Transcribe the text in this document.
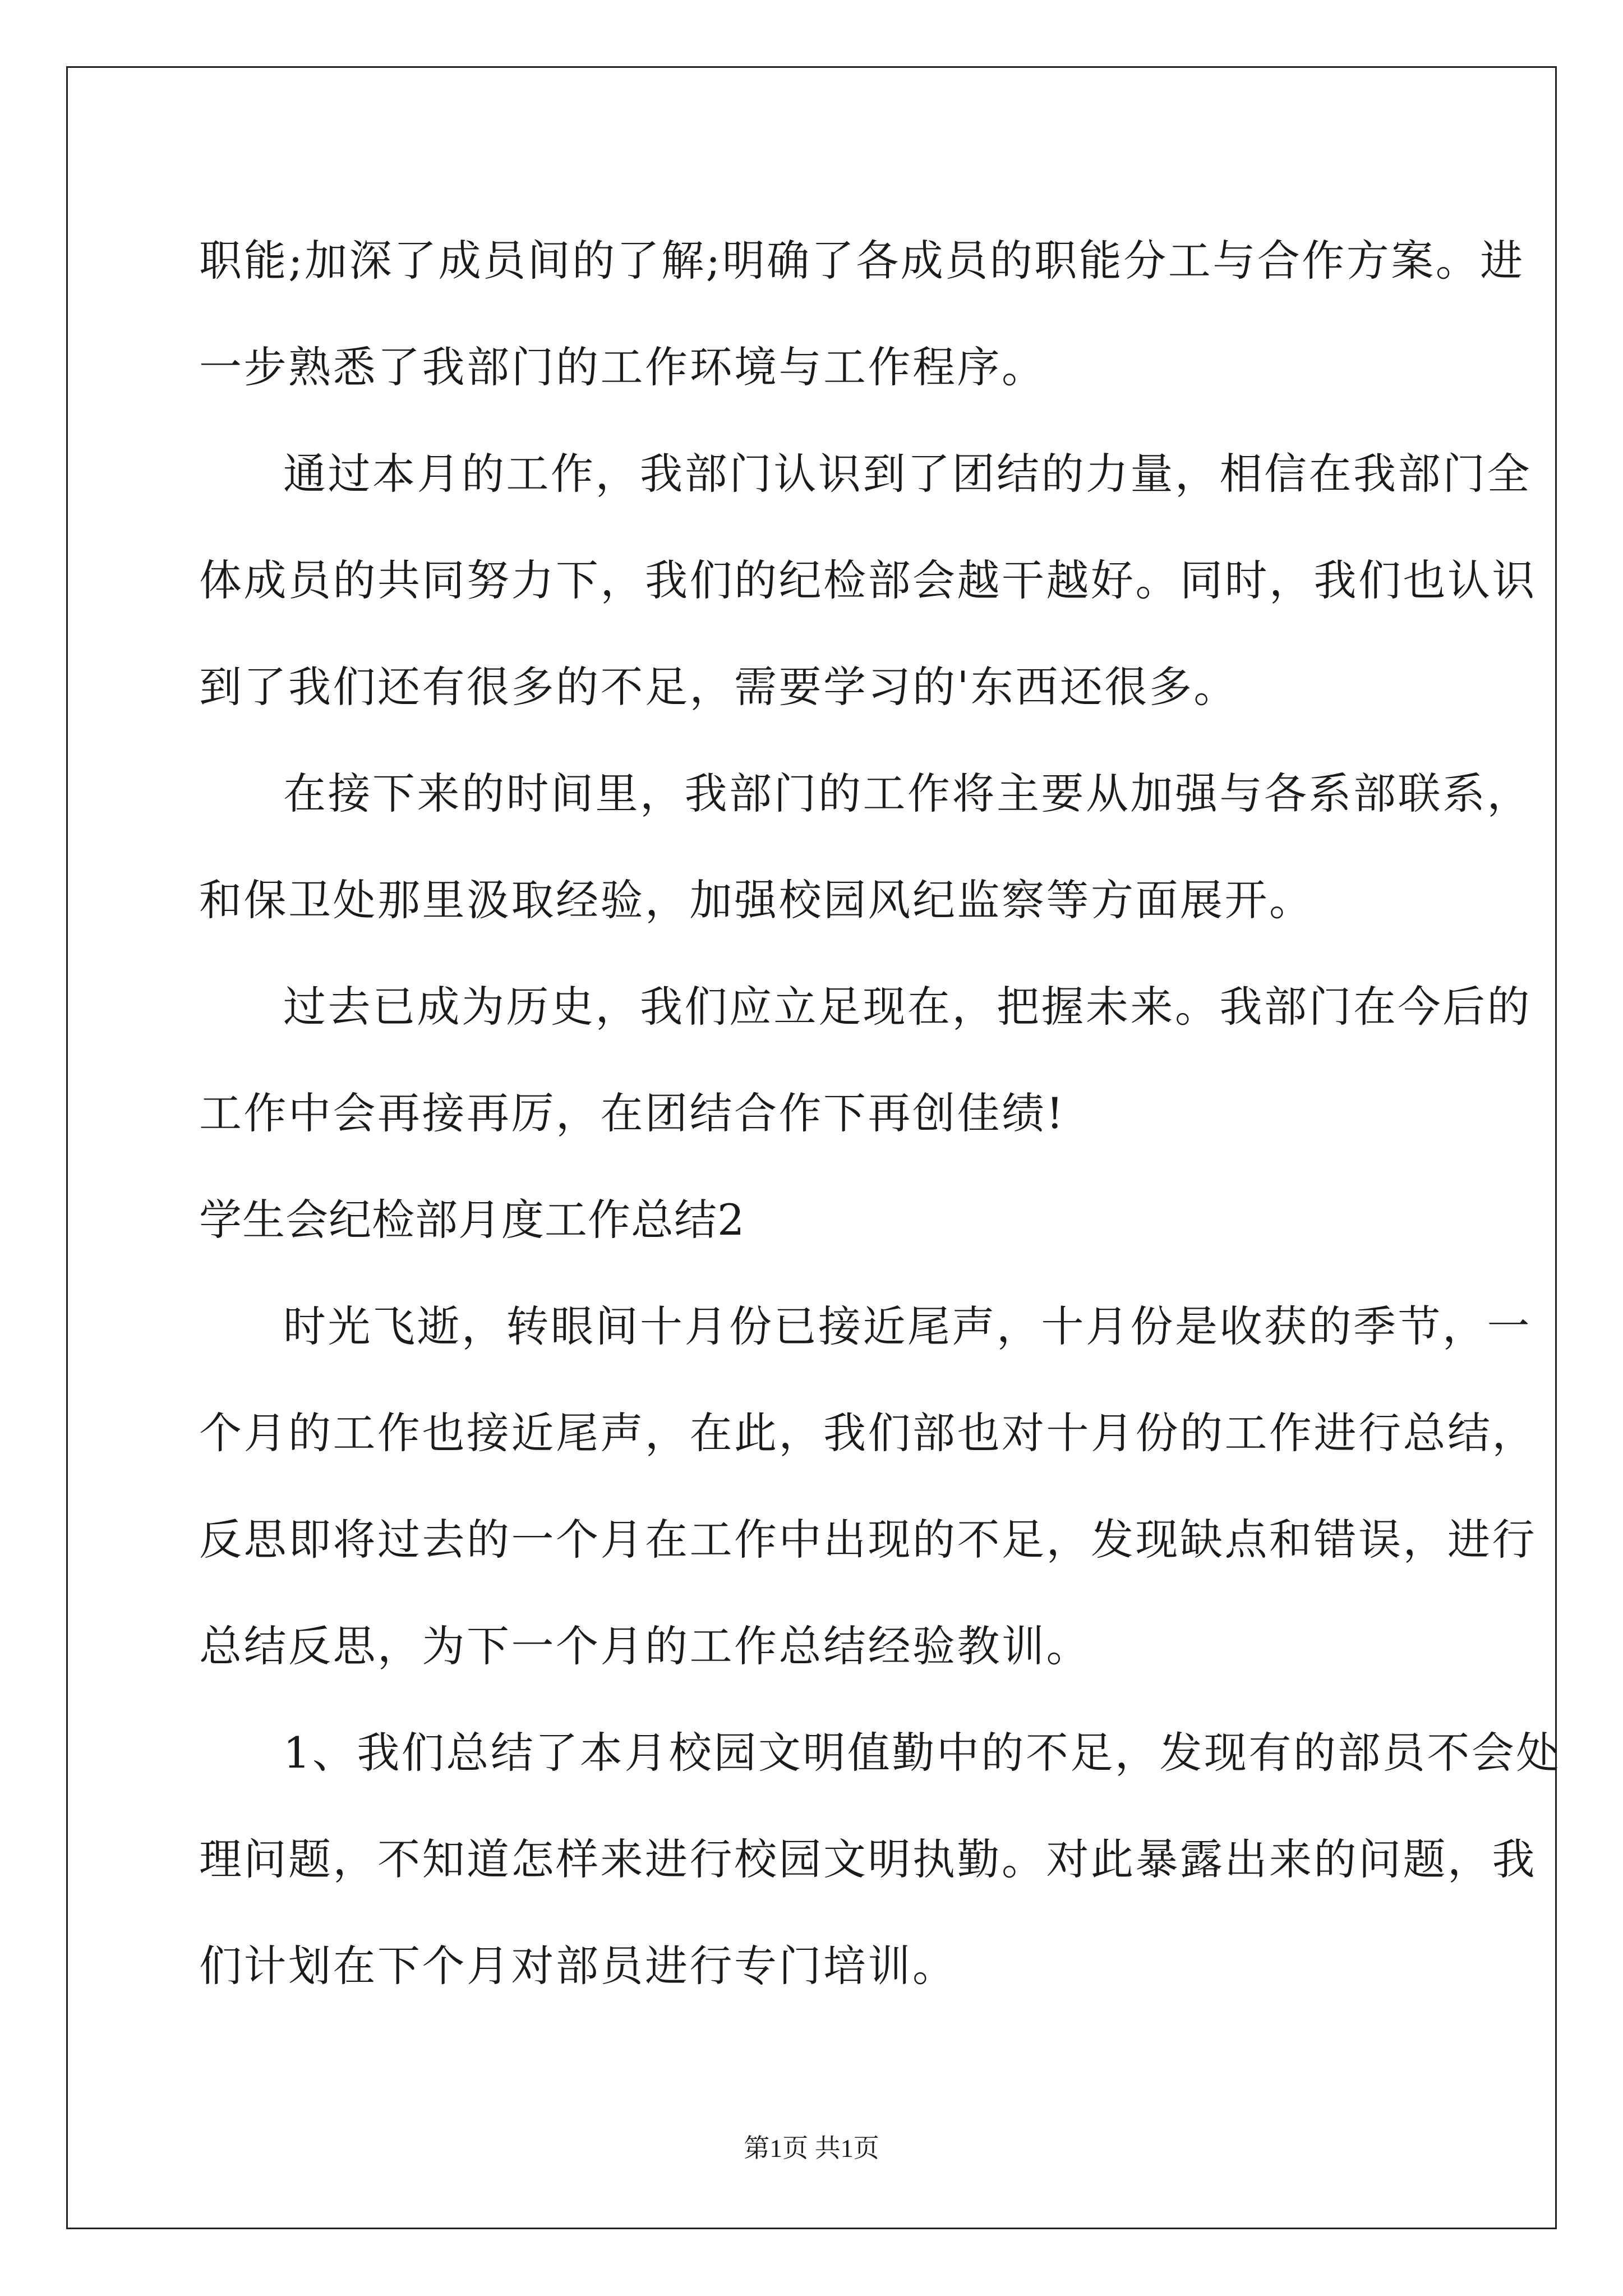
职能;加深了成员间的了解;明确了各成员的职能分工与合作方案。进
一步熟悉了我部门的工作环境与工作程序。
通过本月的工作，我部门认识到了团结的力量，相信在我部门全
体成员的共同努力下，我们的纪检部会越干越好。同时，我们也认识
到了我们还有很多的不足，需要学习的'东西还很多。
在接下来的时间里，我部门的工作将主要从加强与各系部联系，
和保卫处那里汲取经验，加强校园风纪监察等方面展开。
过去已成为历史，我们应立足现在，把握未来。我部门在今后的
工作中会再接再厉，在团结合作下再创佳绩!
学生会纪检部月度工作总结2
时光飞逝，转眼间十月份已接近尾声，十月份是收获的季节，一
个月的工作也接近尾声，在此，我们部也对十月份的工作进行总结，
反思即将过去的一个月在工作中出现的不足，发现缺点和错误，进行
总结反思，为下一个月的工作总结经验教训。
1、我们总结了本月校园文明值勤中的不足，发现有的部员不会处
理问题，不知道怎样来进行校园文明执勤。对此暴露出来的问题，我
们计划在下个月对部员进行专门培训。
第1页 共1页
